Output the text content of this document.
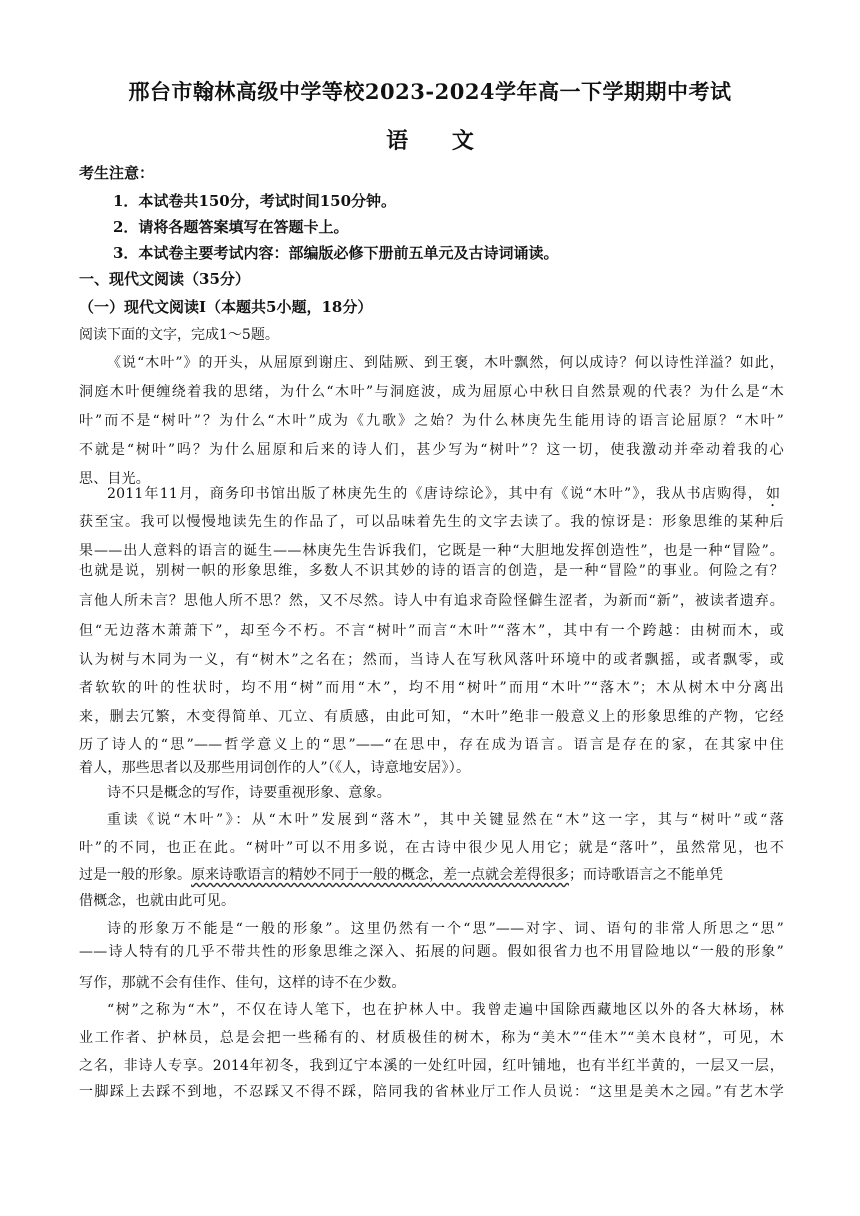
邢台市翰林高级中学等校2023-2024学年高一下学期期中考试
语 文
考生注意：
1．本试卷共150分，考试时间150分钟。
2．请将各题答案填写在答题卡上。
3．本试卷主要考试内容：部编版必修下册前五单元及古诗词诵读。
一、现代文阅读（35分）
（一）现代文阅读Ⅰ（本题共5小题，18分）
阅读下面的文字，完成1～5题。
《说“木叶”》的开头，从屈原到谢庄、到陆厥、到王褒，木叶飘然，何以成诗？何以诗性洋溢？如此，
洞庭木叶便缠绕着我的思绪，为什么“木叶”与洞庭波，成为屈原心中秋日自然景观的代表？为什么是“木
叶”而不是“树叶”？为什么“木叶”成为《九歌》之始？为什么林庚先生能用诗的语言论屈原？“木叶”
不就是“树叶”吗？为什么屈原和后来的诗人们，甚少写为“树叶”？这一切，使我激动并牵动着我的心
思、目光。
2011年11月，商务印书馆出版了林庚先生的《唐诗综论》，其中有《说“木叶”》，我从书店购得， 如
获至宝。我可以慢慢地读先生的作品了，可以品味着先生的文字去读了。我的惊讶是：形象思维的某种后
果——出人意料的语言的诞生——林庚先生告诉我们，它既是一种“大胆地发挥创造性”，也是一种“冒险”。
也就是说，别树一帜的形象思维，多数人不识其妙的诗的语言的创造，是一种“冒险”的事业。何险之有？
言他人所未言？思他人所不思？然，又不尽然。诗人中有追求奇险怪僻生涩者，为新而“新”，被读者遗弃。
但“无边落木萧萧下”，却至今不朽。不言“树叶”而言“木叶”“落木”，其中有一个跨越：由树而木，或
认为树与木同为一义，有“树木”之名在；然而，当诗人在写秋风落叶环境中的或者飘摇，或者飘零，或
者软软的叶的性状时，均不用“树”而用“木”，均不用“树叶”而用“木叶”“落木”；木从树木中分离出
来，删去冗繁，木变得简单、兀立、有质感，由此可知，“木叶”绝非一般意义上的形象思维的产物，它经
历了诗人的“思”——哲学意义上的“思”——“在思中，存在成为语言。语言是存在的家，在其家中住
着人，那些思者以及那些用词创作的人”（《人，诗意地安居》）。
诗不只是概念的写作，诗要重视形象、意象。
重读《说“木叶”》：从“木叶”发展到“落木”，其中关键显然在“木”这一字，其与“树叶”或“落
叶”的不同，也正在此。“树叶”可以不用多说，在古诗中很少见人用它；就是“落叶”，虽然常见，也不
过是一般的形象。原来诗歌语言的精妙不同于一般的概念，差一点就会差得很多；而诗歌语言之不能单凭
借概念，也就由此可见。
诗的形象万不能是“一般的形象”。这里仍然有一个“思”——对字、词、语句的非常人所思之“思”
——诗人特有的几乎不带共性的形象思维之深入、拓展的问题。假如很省力也不用冒险地以“一般的形象”
写作，那就不会有佳作、佳句，这样的诗不在少数。
“树”之称为“木”，不仅在诗人笔下，也在护林人中。我曾走遍中国除西藏地区以外的各大林场，林
业工作者、护林员，总是会把一些稀有的、材质极佳的树木，称为“美木”“佳木”“美木良材”，可见，木
之名，非诗人专享。2014年初冬，我到辽宁本溪的一处红叶园，红叶铺地，也有半红半黄的，一层又一层，
一脚踩上去踩不到地，不忍踩又不得不踩，陪同我的省林业厅工作人员说：“这里是美木之园。”有艺木学
